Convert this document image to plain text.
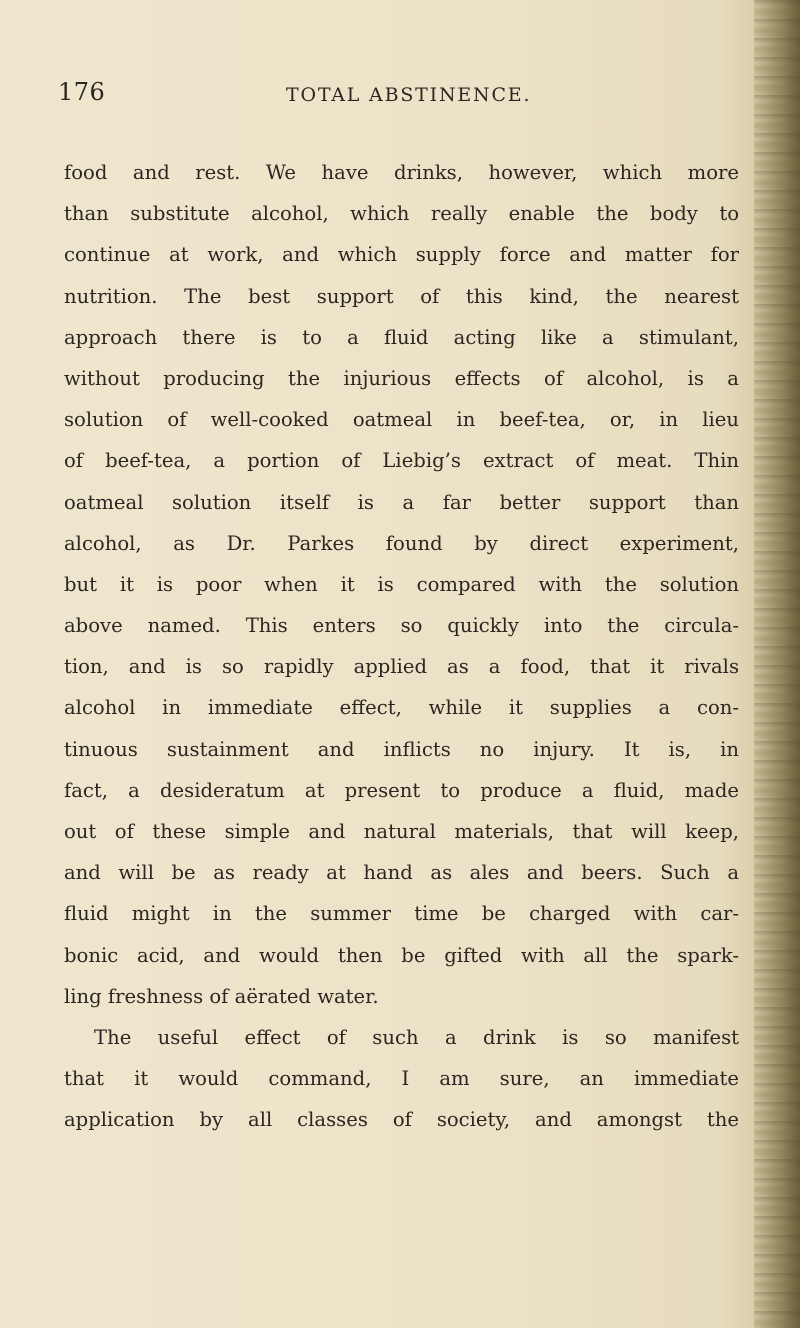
176	TOTAL ABSTINENCE.
food and rest. We have drinks, however, which more
than substitute alcohol, which really enable the body to
continue at work, and which supply force and matter for
nutrition. The best support of this kind, the nearest
approach there is to a fluid acting like a stimulant,
without producing the injurious effects of alcohol, is a
solution of well-cooked oatmeal in beef-tea, or, in lieu
of beef-tea, a portion of Liebig’s extract of meat. Thin
oatmeal solution itself is a far better support than
alcohol, as Dr. Parkes found by direct experiment,
but it is poor when it is compared with the solution
above named. This enters so quickly into the circula-
tion, and is so rapidly applied as a food, that it rivals
alcohol in immediate effect, while it supplies a con-
tinuous sustainment and inflicts no injury. It is, in
fact, a desideratum at present to produce a fluid, made
out of these simple and natural materials, that will keep,
and will be as ready at hand as ales and beers. Such a
fluid might in the summer time be charged with car-
bonic acid, and would then be gifted with all the spark-
ling freshness of aërated water.
The useful effect of such a drink is so manifest
that it would command, I am sure, an immediate
application by all classes of society, and amongst the
